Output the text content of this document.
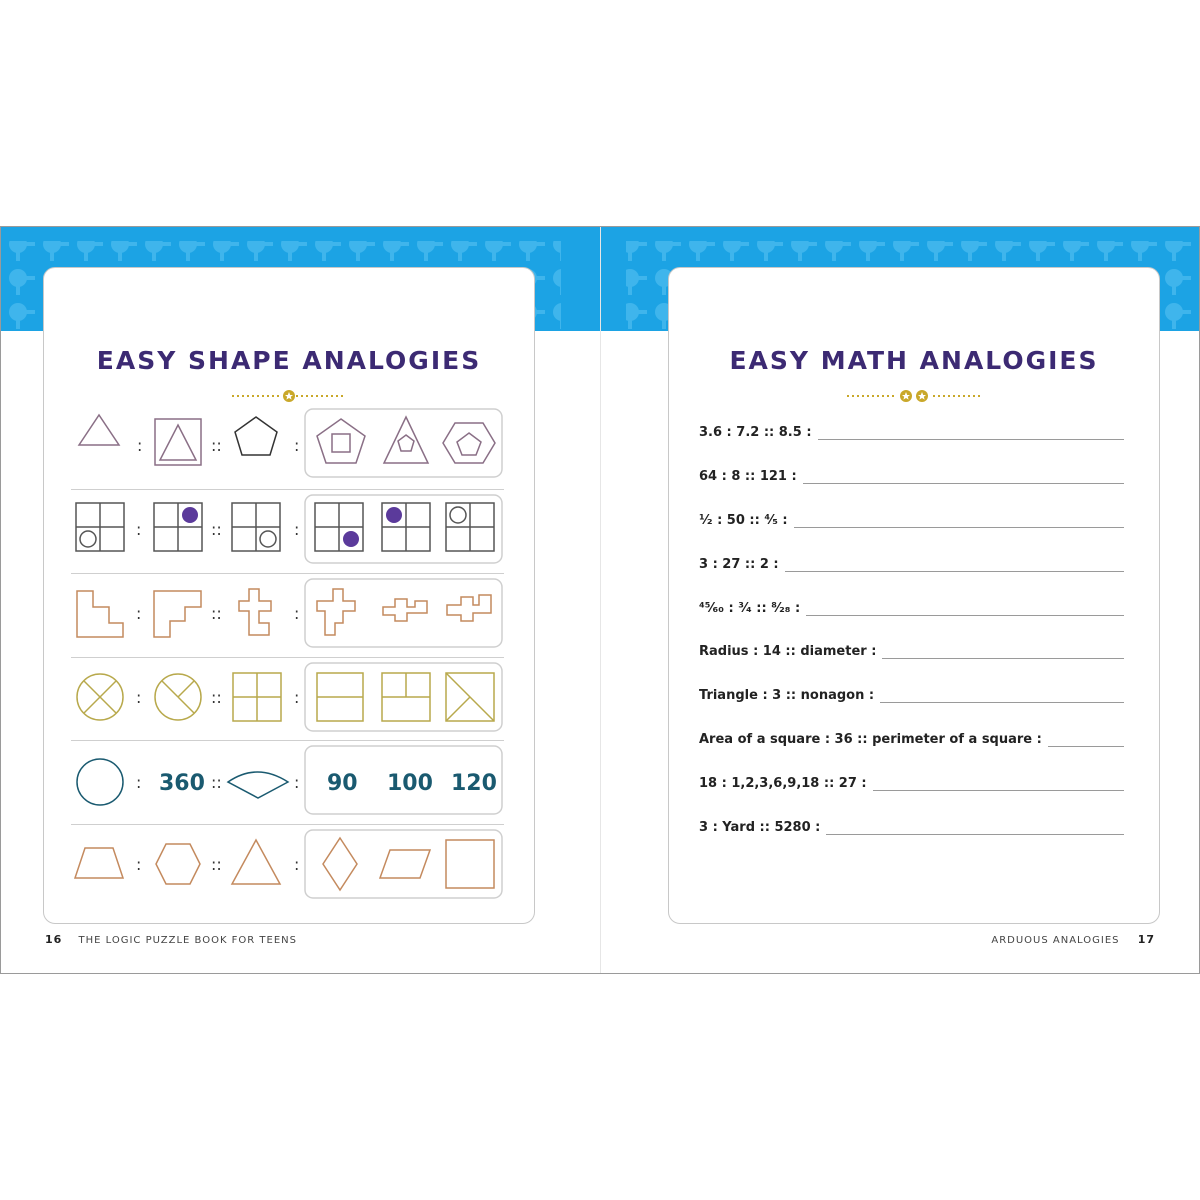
12
EASY SHAPE ANALOGIES
13
EASY MATH ANALOGIES
:	::	:
:	::	:
:	::	:
:	::	:
: 360 ::	: 90 100 120
:	::	:
16 THE LOGIC PUZZLE BOOK FOR TEENS	ARDUOUS ANALOGIES 17
3.6 : 7.2 :: 8.5 :
64 : 8 :: 121 :
¹⁄₂ : 50 :: ⁴⁄₅ :
3 : 27 :: 2 :
⁴⁵⁄₆₀ : ³⁄₄ :: ⁸⁄₂₈ :
Radius : 14 :: diameter :
Triangle : 3 :: nonagon :
Area of a square : 36 :: perimeter of a square :
18 : 1,2,3,6,9,18 :: 27 :
3 : Yard :: 5280 :
